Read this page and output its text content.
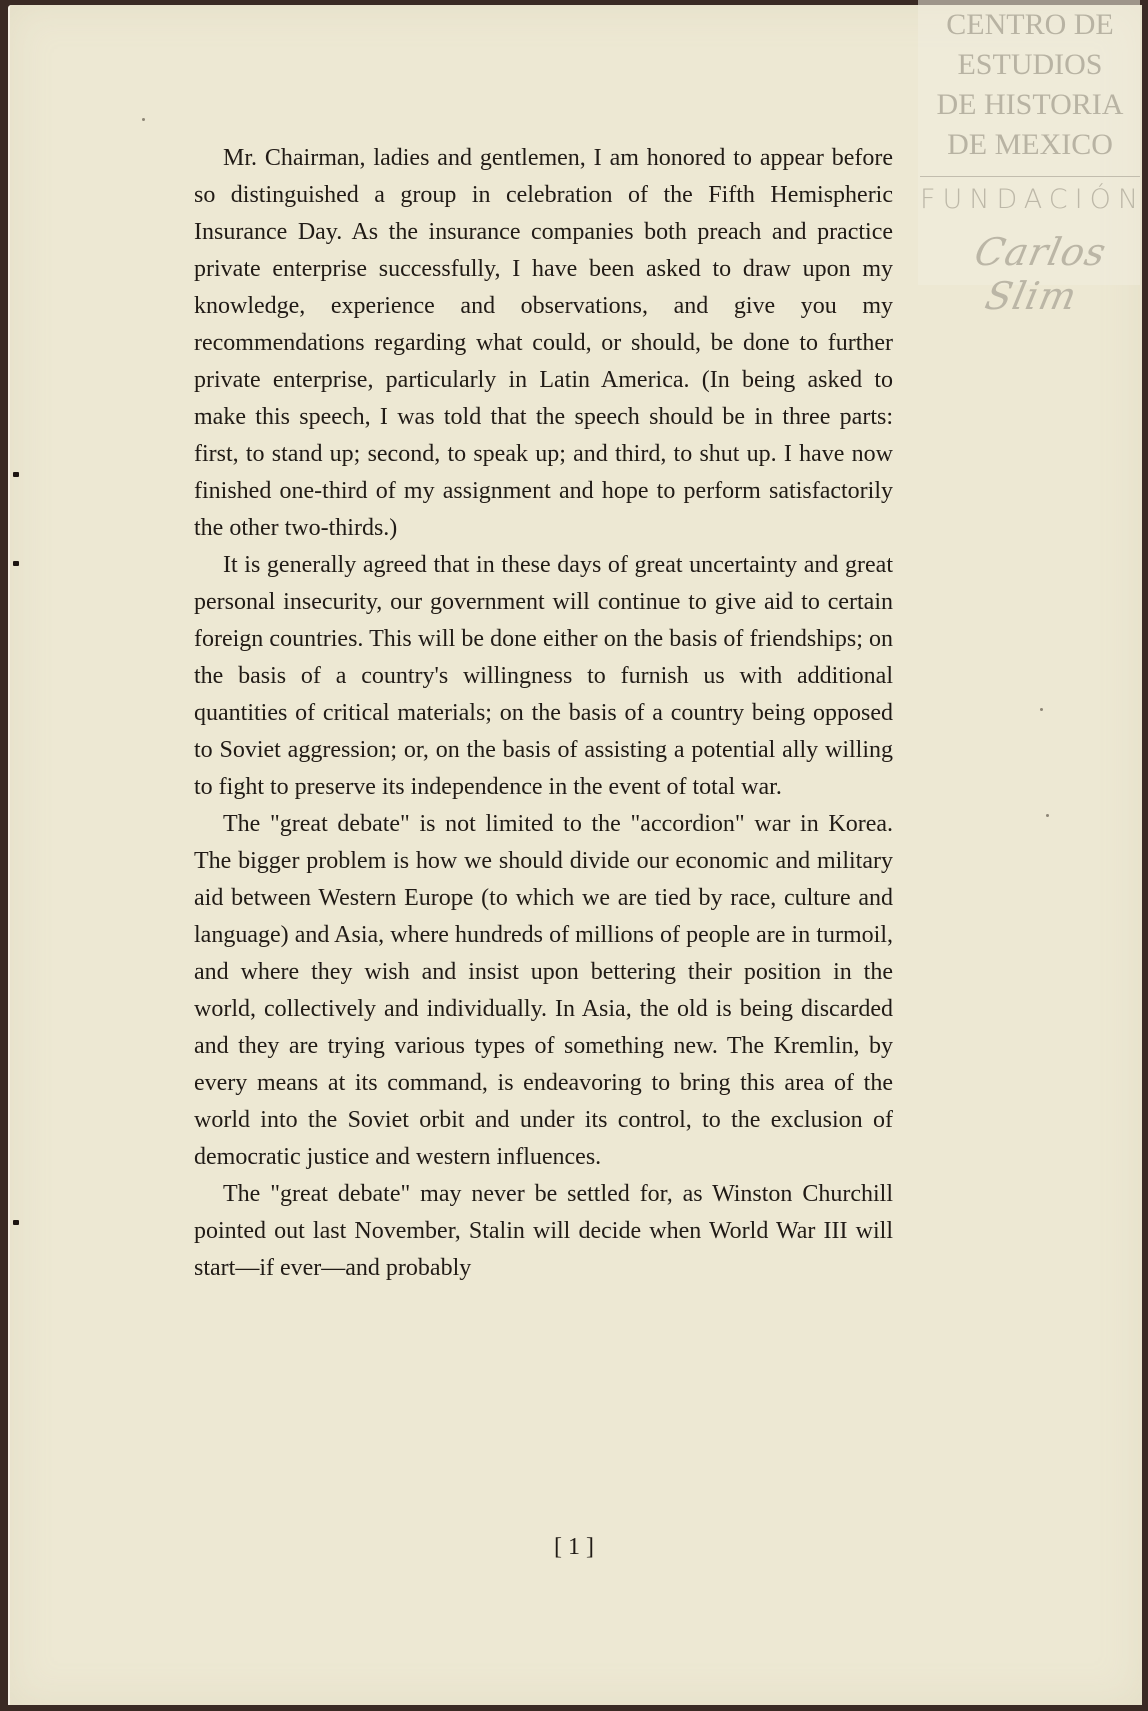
CENTRO DE
ESTUDIOS
DE HISTORIA
DE MEXICO
FUNDACIÓN
Carlos Slim

Mr. Chairman, ladies and gentlemen, I am honored to appear before so distinguished a group in celebration of the Fifth Hemispheric Insurance Day. As the insurance companies both preach and practice private enterprise successfully, I have been asked to draw upon my knowledge, experience and observations, and give you my recommendations regarding what could, or should, be done to further private enterprise, particularly in Latin America. (In being asked to make this speech, I was told that the speech should be in three parts: first, to stand up; second, to speak up; and third, to shut up. I have now finished one-third of my assignment and hope to perform satisfactorily the other two-thirds.)

It is generally agreed that in these days of great uncertainty and great personal insecurity, our government will continue to give aid to certain foreign countries. This will be done either on the basis of friendships; on the basis of a country's willingness to furnish us with additional quantities of critical materials; on the basis of a country being opposed to Soviet aggression; or, on the basis of assisting a potential ally willing to fight to preserve its independence in the event of total war.

The "great debate" is not limited to the "accordion" war in Korea. The bigger problem is how we should divide our economic and military aid between Western Europe (to which we are tied by race, culture and language) and Asia, where hundreds of millions of people are in turmoil, and where they wish and insist upon bettering their position in the world, collectively and individually. In Asia, the old is being discarded and they are trying various types of something new. The Kremlin, by every means at its command, is endeavoring to bring this area of the world into the Soviet orbit and under its control, to the exclusion of democratic justice and western influences.

The "great debate" may never be settled for, as Winston Churchill pointed out last November, Stalin will decide when World War III will start—if ever—and probably

[ 1 ]
